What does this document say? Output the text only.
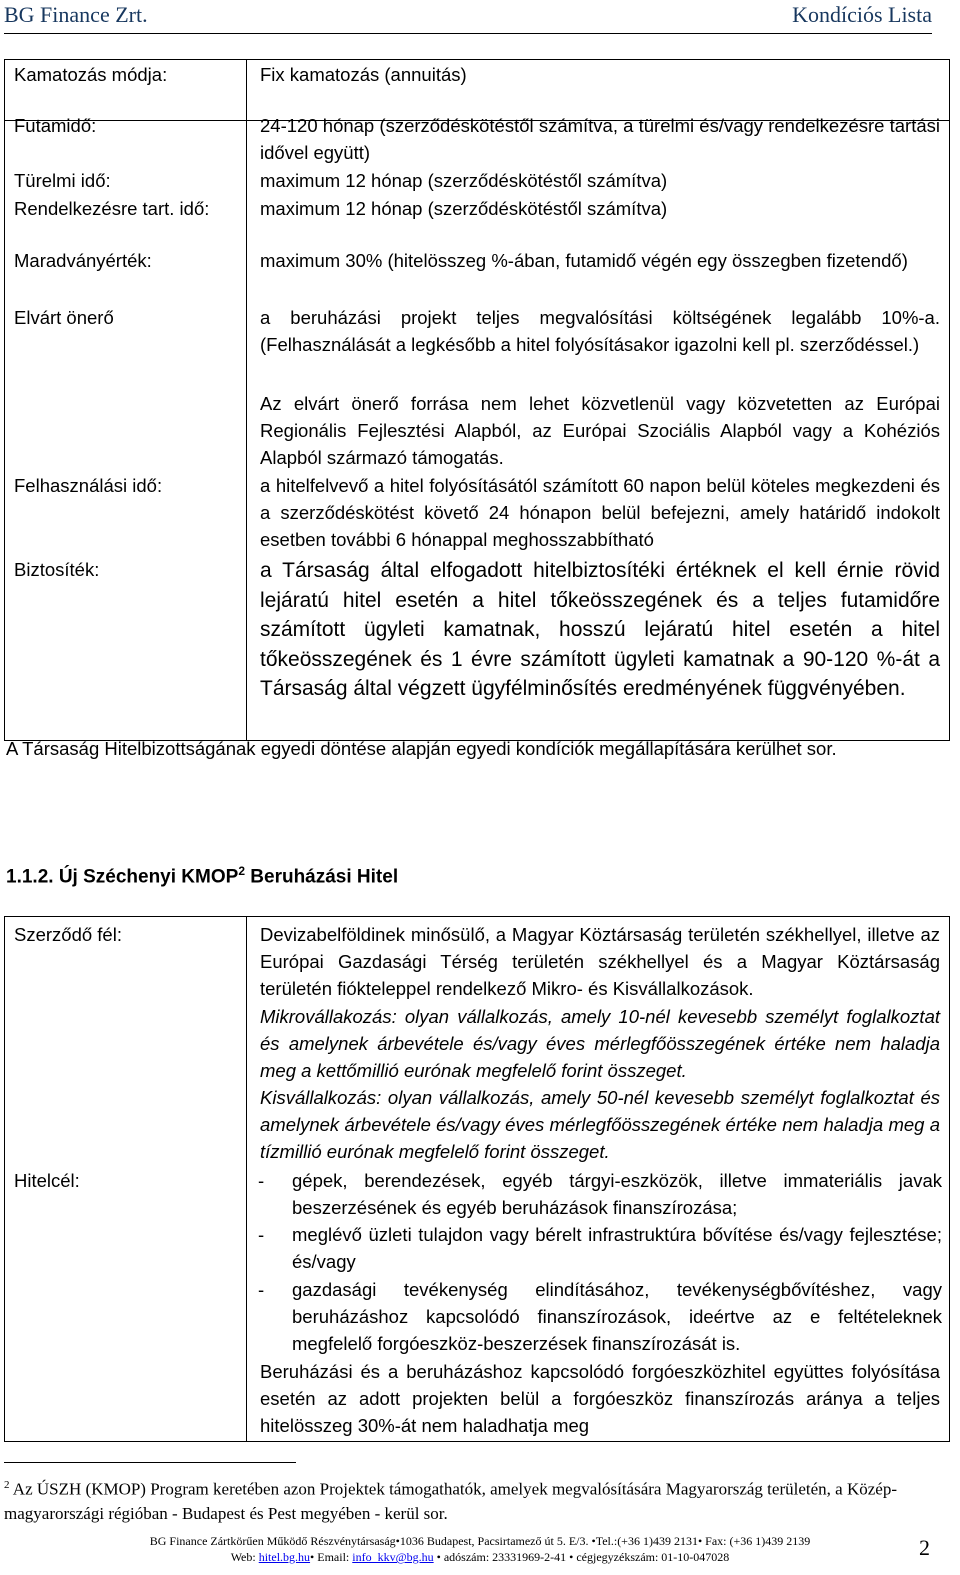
BG Finance Zrt.	Kondíciós Lista
Kamatozás módja:	Fix kamatozás (annuitás)
Futamidő:	24-120 hónap (szerződéskötéstől számítva, a türelmi és/vagy rendelkezésre tartási idővel együtt)
Türelmi idő:	maximum 12 hónap (szerződéskötéstől számítva)
Rendelkezésre tart. idő:	maximum 12 hónap (szerződéskötéstől számítva)
Maradványérték:	maximum 30% (hitelösszeg %-ában, futamidő végén egy összegben fizetendő)
Elvárt önerő	a beruházási projekt teljes megvalósítási költségének legalább 10%-a. (Felhasználását a legkésőbb a hitel folyósításakor igazolni kell pl. szerződéssel.)
Az elvárt önerő forrása nem lehet közvetlenül vagy közvetetten az Európai Regionális Fejlesztési Alapból, az Európai Szociális Alapból vagy a Kohéziós Alapból származó támogatás.
Felhasználási idő:	a hitelfelvevő a hitel folyósításától számított 60 napon belül köteles megkezdeni és a szerződéskötést követő 24 hónapon belül befejezni, amely határidő indokolt esetben további 6 hónappal meghosszabbítható
Biztosíték:	a Társaság által elfogadott hitelbiztosítéki értéknek el kell érnie rövid lejáratú hitel esetén a hitel tőkeösszegének és a teljes futamidőre számított ügyleti kamatnak, hosszú lejáratú hitel esetén a hitel tőkeösszegének és 1 évre számított ügyleti kamatnak a 90-120 %-át a Társaság által végzett ügyfélminősítés eredményének függvényében.
A Társaság Hitelbizottságának egyedi döntése alapján egyedi kondíciók megállapítására kerülhet sor.
1.1.2. Új Széchenyi KMOP$^2$ Beruházási Hitel
Szerződő fél:	Devizabelföldinek minősülő, a Magyar Köztársaság területén székhellyel, illetve az Európai Gazdasági Térség területén székhellyel és a Magyar Köztársaság területén fiókteleppel rendelkező Mikro- és Kisvállalkozások.
Mikrovállakozás: olyan vállalkozás, amely 10-nél kevesebb személyt foglalkoztat és amelynek árbevétele és/vagy éves mérlegfőösszegének értéke nem haladja meg a kettőmillió eurónak megfelelő forint összeget.
Kisvállalkozás: olyan vállalkozás, amely 50-nél kevesebb személyt foglalkoztat és amelynek árbevétele és/vagy éves mérlegfőösszegének értéke nem haladja meg a tízmillió eurónak megfelelő forint összeget.
Hitelcél:	- gépek, berendezések, egyéb tárgyi-eszközök, illetve immateriális javak beszerzésének és egyéb beruházások finanszírozása;
- meglévő üzleti tulajdon vagy bérelt infrastruktúra bővítése és/vagy fejlesztése; és/vagy
- gazdasági tevékenység elindításához, tevékenységbővítéshez, vagy beruházáshoz kapcsolódó finanszírozások, ideértve az e feltételeknek megfelelő forgóeszköz-beszerzések finanszírozását is.
Beruházási és a beruházáshoz kapcsolódó forgóeszközhitel együttes folyósítása esetén az adott projekten belül a forgóeszköz finanszírozás aránya a teljes hitelösszeg 30%-át nem haladhatja meg
$^2$ Az ÚSZH (KMOP) Program keretében azon Projektek támogathatók, amelyek megvalósítására Magyarország területén, a Közép-magyarországi régióban - Budapest és Pest megyében - kerül sor.
BG Finance Zártkörűen Működő Részvénytársaság•1036 Budapest, Pacsirtamező út 5. E/3. •Tel.:(+36 1)439 2131• Fax: (+36 1)439 2139
Web: hitel.bg.hu• Email: info_kkv@bg.hu • adószám: 23331969-2-41 • cégjegyzékszám: 01-10-047028	2
